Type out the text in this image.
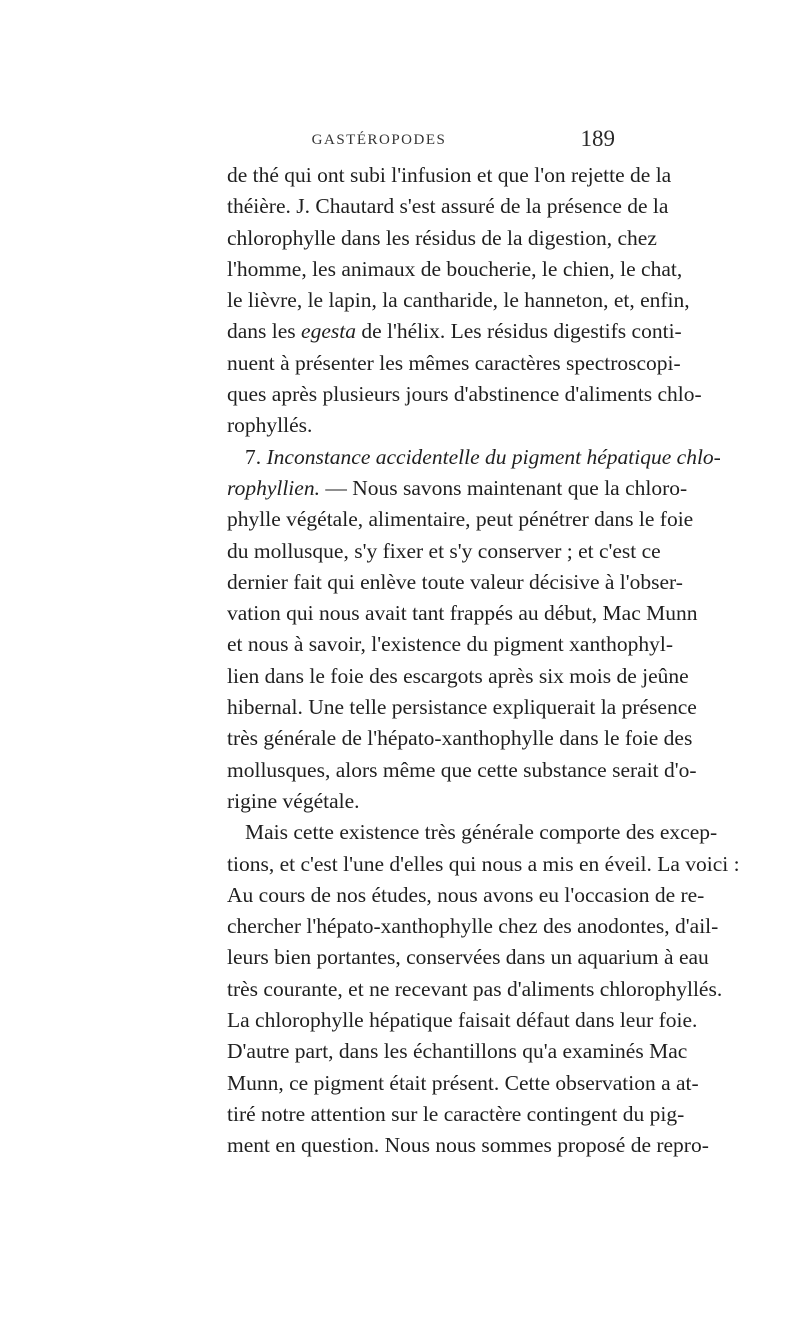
GASTÉROPODES	189
de thé qui ont subi l'infusion et que l'on rejette de la
théière. J. Chautard s'est assuré de la présence de la
chlorophylle dans les résidus de la digestion, chez
l'homme, les animaux de boucherie, le chien, le chat,
le lièvre, le lapin, la cantharide, le hanneton, et, enfin,
dans les egesta de l'hélix. Les résidus digestifs conti-
nuent à présenter les mêmes caractères spectroscopi-
ques après plusieurs jours d'abstinence d'aliments chlo-
rophyllés.
7. Inconstance accidentelle du pigment hépatique chlo-
rophyllien. — Nous savons maintenant que la chloro-
phylle végétale, alimentaire, peut pénétrer dans le foie
du mollusque, s'y fixer et s'y conserver ; et c'est ce
dernier fait qui enlève toute valeur décisive à l'obser-
vation qui nous avait tant frappés au début, Mac Munn
et nous à savoir, l'existence du pigment xanthophyl-
lien dans le foie des escargots après six mois de jeûne
hibernal. Une telle persistance expliquerait la présence
très générale de l'hépato-xanthophylle dans le foie des
mollusques, alors même que cette substance serait d'o-
rigine végétale.
Mais cette existence très générale comporte des excep-
tions, et c'est l'une d'elles qui nous a mis en éveil. La voici :
Au cours de nos études, nous avons eu l'occasion de re-
chercher l'hépato-xanthophylle chez des anodontes, d'ail-
leurs bien portantes, conservées dans un aquarium à eau
très courante, et ne recevant pas d'aliments chlorophyllés.
La chlorophylle hépatique faisait défaut dans leur foie.
D'autre part, dans les échantillons qu'a examinés Mac
Munn, ce pigment était présent. Cette observation a at-
tiré notre attention sur le caractère contingent du pig-
ment en question. Nous nous sommes proposé de repro-
